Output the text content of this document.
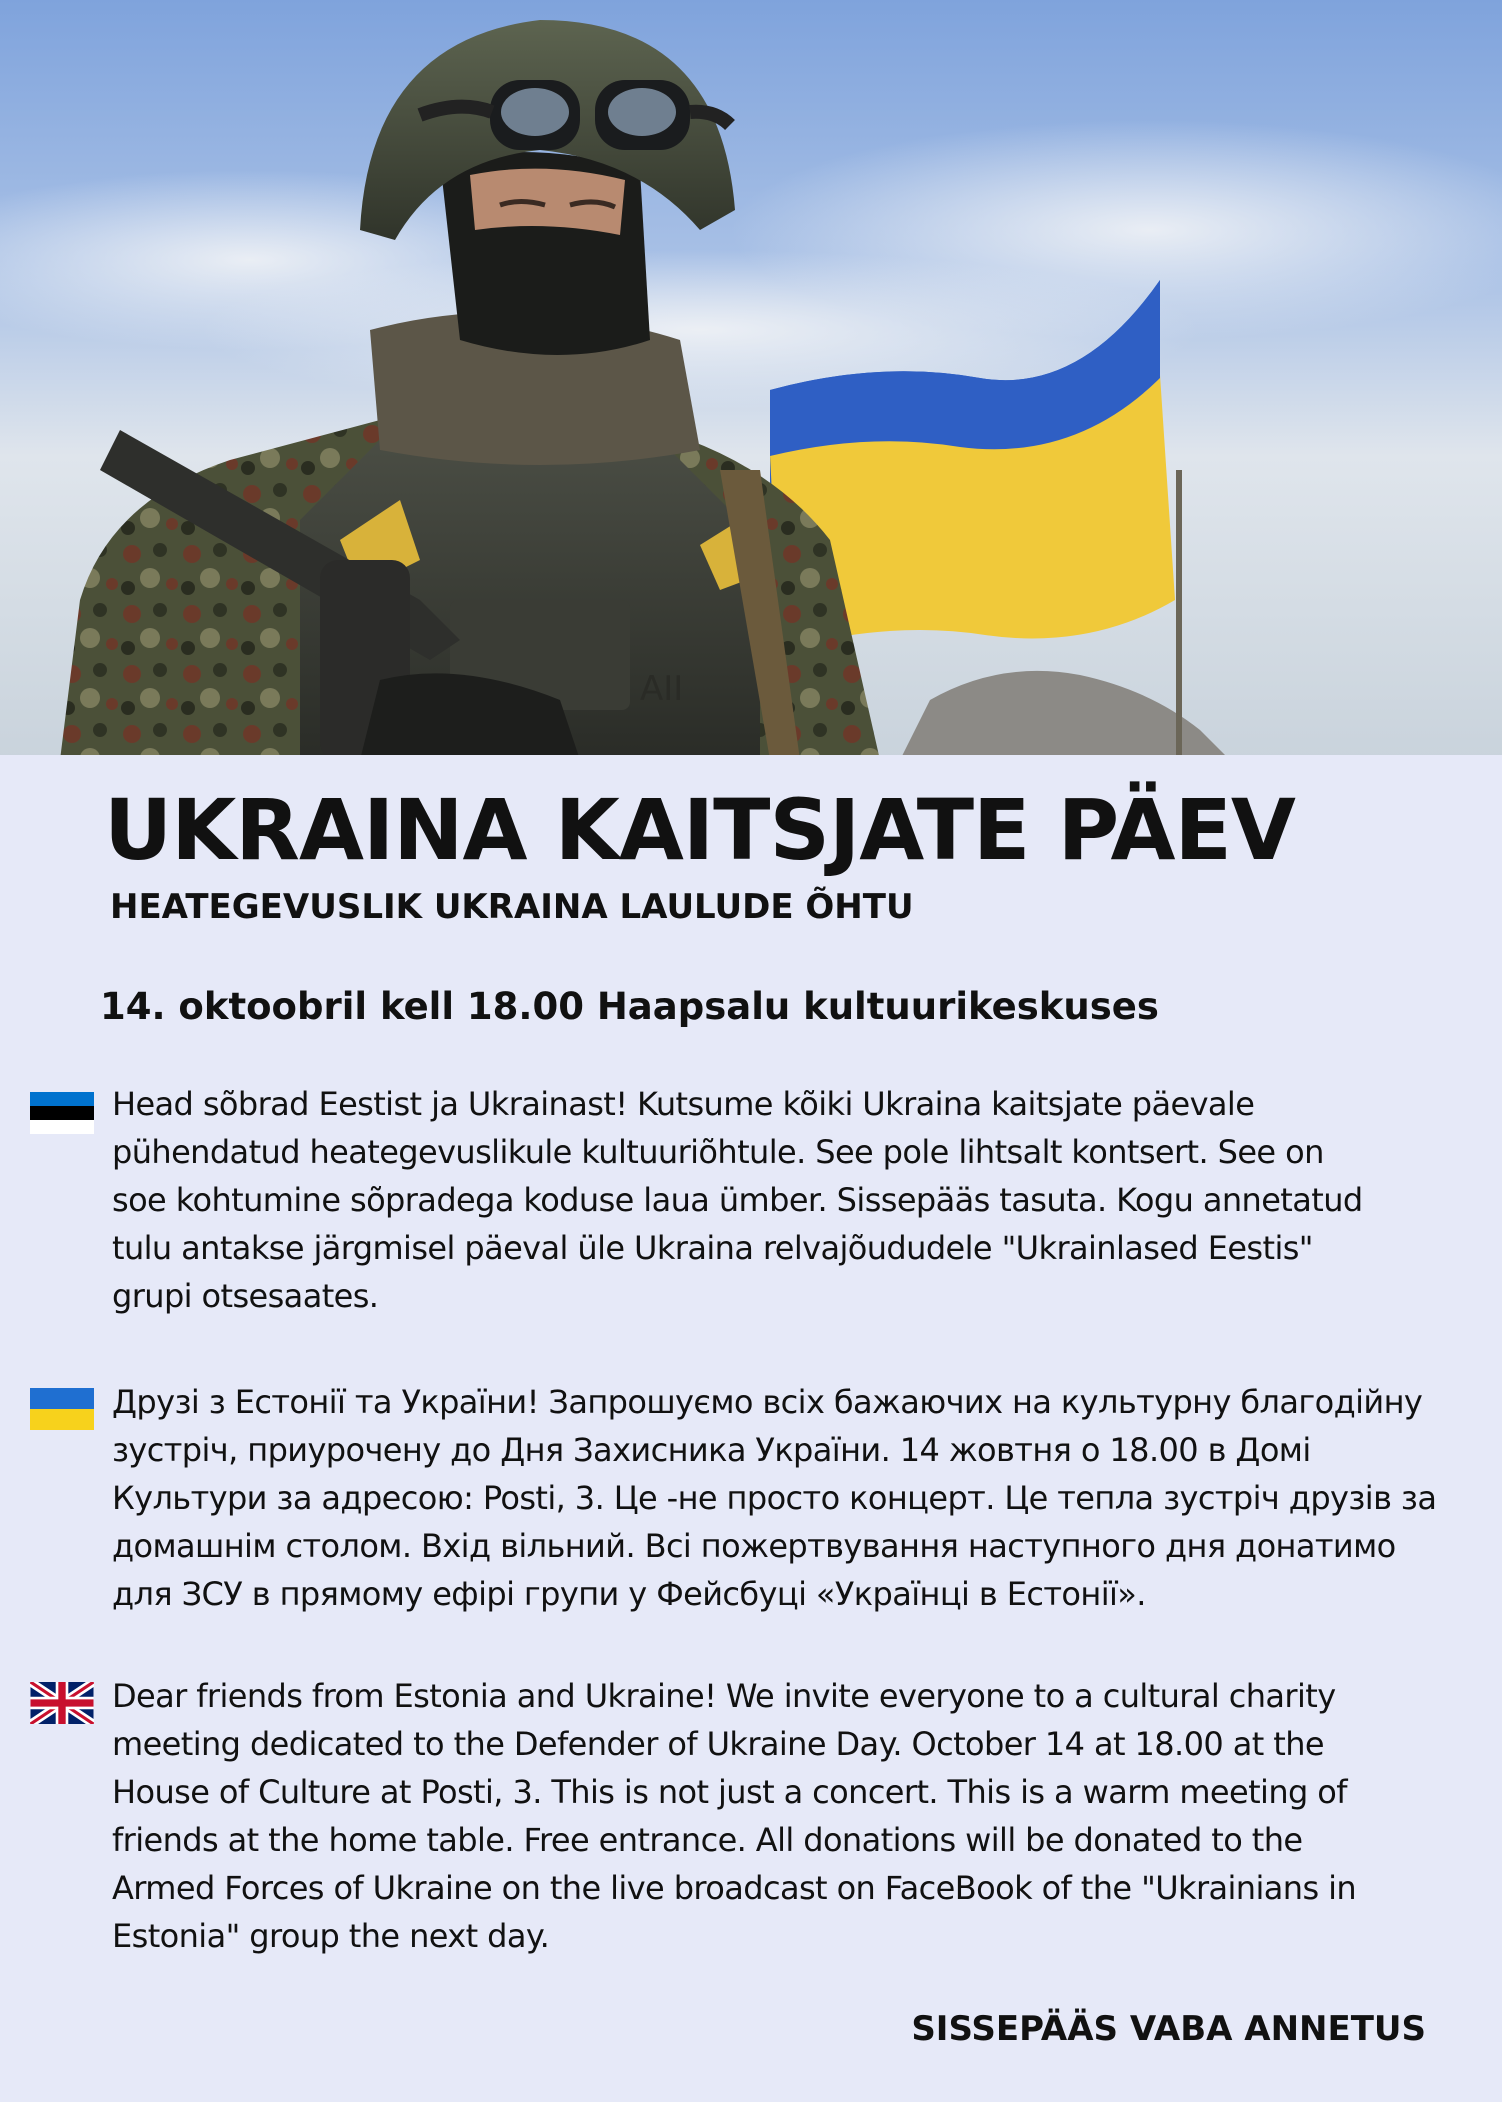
AII
UKRAINA KAITSJATE PÄEV
HEATEGEVUSLIK UKRAINA LAULUDE ÕHTU
14. oktoobril kell 18.00 Haapsalu kultuurikeskuses
Head sõbrad Eestist ja Ukrainast! Kutsume kõiki Ukraina kaitsjate päevale
pühendatud heategevuslikule kultuuriõhtule. See pole lihtsalt kontsert. See on
soe kohtumine sõpradega koduse laua ümber. Sissepääs tasuta. Kogu annetatud
tulu antakse järgmisel päeval üle Ukraina relvajõududele "Ukrainlased Eestis"
grupi otsesaates.
Друзі з Естонії та України! Запрошуємо всіх бажаючих на культурну благодійну
зустріч, приурочену до Дня Захисника України. 14 жовтня о 18.00 в Домі
Культури за адресою: Posti, 3. Це -не просто концерт. Це тепла зустріч друзів за
домашнім столом. Вхід вільний. Всі пожертвування наступного дня донатимо
для ЗСУ в прямому ефірі групи у Фейсбуці «Українці в Естонії».
Dear friends from Estonia and Ukraine! We invite everyone to a cultural charity
meeting dedicated to the Defender of Ukraine Day. October 14 at 18.00 at the
House of Culture at Posti, 3. This is not just a concert. This is a warm meeting of
friends at the home table. Free entrance. All donations will be donated to the
Armed Forces of Ukraine on the live broadcast on FaceBook of the "Ukrainians in
Estonia" group the next day.
SISSEPÄÄS VABA ANNETUS
